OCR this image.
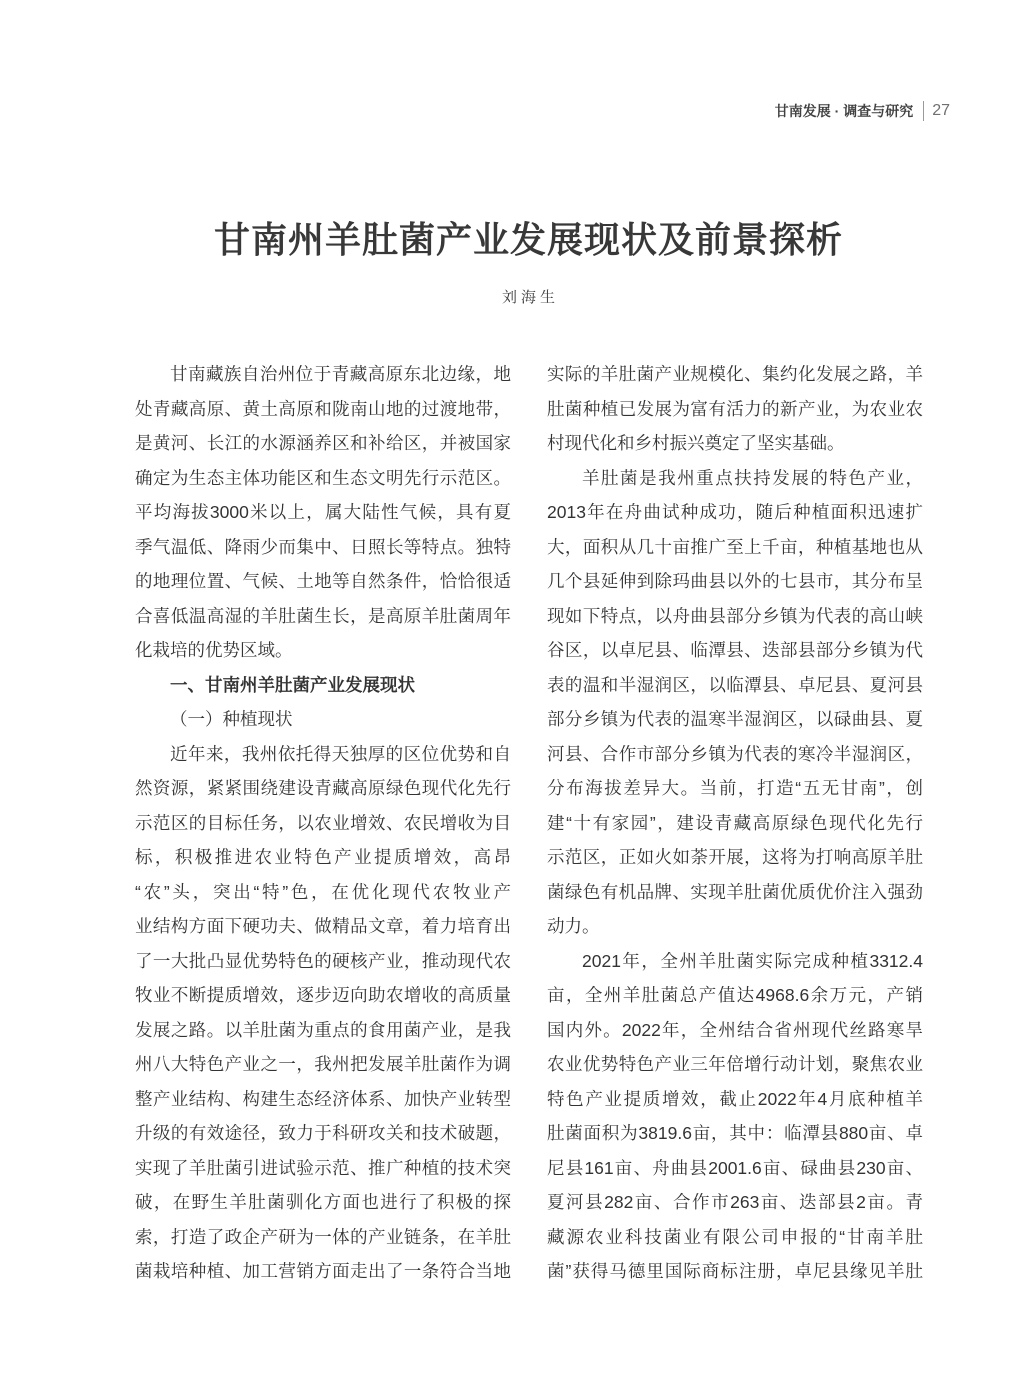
甘南发展 · 调查与研究 27
甘南州羊肚菌产业发展现状及前景探析
刘海生
甘南藏族自治州位于青藏高原东北边缘，地
处青藏高原、黄土高原和陇南山地的过渡地带，
是黄河、长江的水源涵养区和补给区，并被国家
确定为生态主体功能区和生态文明先行示范区。
平均海拔3000米以上，属大陆性气候，具有夏
季气温低、降雨少而集中、日照长等特点。独特
的地理位置、气候、土地等自然条件，恰恰很适
合喜低温高湿的羊肚菌生长，是高原羊肚菌周年
化栽培的优势区域。
一、甘南州羊肚菌产业发展现状
（一）种植现状
近年来，我州依托得天独厚的区位优势和自
然资源，紧紧围绕建设青藏高原绿色现代化先行
示范区的目标任务，以农业增效、农民增收为目
标，积极推进农业特色产业提质增效，高昂
“农”头，突出“特”色，在优化现代农牧业产
业结构方面下硬功夫、做精品文章，着力培育出
了一大批凸显优势特色的硬核产业，推动现代农
牧业不断提质增效，逐步迈向助农增收的高质量
发展之路。以羊肚菌为重点的食用菌产业，是我
州八大特色产业之一，我州把发展羊肚菌作为调
整产业结构、构建生态经济体系、加快产业转型
升级的有效途径，致力于科研攻关和技术破题，
实现了羊肚菌引进试验示范、推广种植的技术突
破，在野生羊肚菌驯化方面也进行了积极的探
索，打造了政企产研为一体的产业链条，在羊肚
菌栽培种植、加工营销方面走出了一条符合当地
实际的羊肚菌产业规模化、集约化发展之路，羊
肚菌种植已发展为富有活力的新产业，为农业农
村现代化和乡村振兴奠定了坚实基础。
羊肚菌是我州重点扶持发展的特色产业，
2013年在舟曲试种成功，随后种植面积迅速扩
大，面积从几十亩推广至上千亩，种植基地也从
几个县延伸到除玛曲县以外的七县市，其分布呈
现如下特点，以舟曲县部分乡镇为代表的高山峡
谷区，以卓尼县、临潭县、迭部县部分乡镇为代
表的温和半湿润区，以临潭县、卓尼县、夏河县
部分乡镇为代表的温寒半湿润区，以碌曲县、夏
河县、合作市部分乡镇为代表的寒冷半湿润区，
分布海拔差异大。当前，打造“五无甘南”，创
建“十有家园”，建设青藏高原绿色现代化先行
示范区，正如火如荼开展，这将为打响高原羊肚
菌绿色有机品牌、实现羊肚菌优质优价注入强劲
动力。
2021年，全州羊肚菌实际完成种植3312.4
亩，全州羊肚菌总产值达4968.6余万元，产销
国内外。2022年，全州结合省州现代丝路寒旱
农业优势特色产业三年倍增行动计划，聚焦农业
特色产业提质增效，截止2022年4月底种植羊
肚菌面积为3819.6亩，其中：临潭县880亩、卓
尼县161亩、舟曲县2001.6亩、碌曲县230亩、
夏河县282亩、合作市263亩、迭部县2亩。青
藏源农业科技菌业有限公司申报的“甘南羊肚
菌”获得马德里国际商标注册，卓尼县缘见羊肚
